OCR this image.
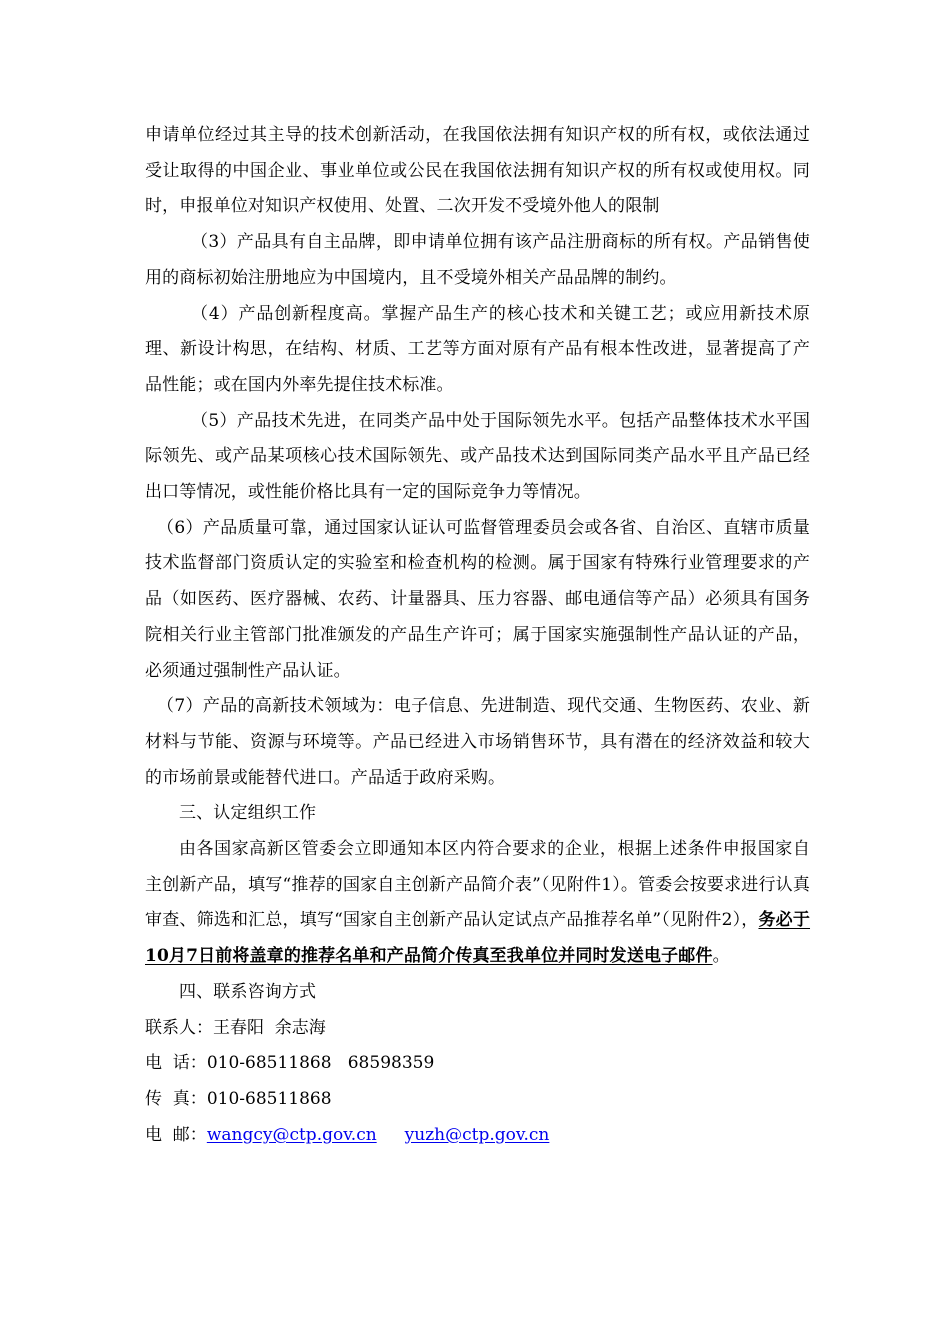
申请单位经过其主导的技术创新活动，在我国依法拥有知识产权的所有权，或依法通过受让取得的中国企业、事业单位或公民在我国依法拥有知识产权的所有权或使用权。同时，申报单位对知识产权使用、处置、二次开发不受境外他人的限制

（3）产品具有自主品牌，即申请单位拥有该产品注册商标的所有权。产品销售使用的商标初始注册地应为中国境内，且不受境外相关产品品牌的制约。

（4）产品创新程度高。掌握产品生产的核心技术和关键工艺；或应用新技术原理、新设计构思，在结构、材质、工艺等方面对原有产品有根本性改进，显著提高了产品性能；或在国内外率先提住技术标准。

（5）产品技术先进，在同类产品中处于国际领先水平。包括产品整体技术水平国际领先、或产品某项核心技术国际领先、或产品技术达到国际同类产品水平且产品已经出口等情况，或性能价格比具有一定的国际竞争力等情况。

（6）产品质量可靠，通过国家认证认可监督管理委员会或各省、自治区、直辖市质量技术监督部门资质认定的实验室和检查机构的检测。属于国家有特殊行业管理要求的产品（如医药、医疗器械、农药、计量器具、压力容器、邮电通信等产品）必须具有国务院相关行业主管部门批准颁发的产品生产许可；属于国家实施强制性产品认证的产品，必须通过强制性产品认证。

（7）产品的高新技术领域为：电子信息、先进制造、现代交通、生物医药、农业、新材料与节能、资源与环境等。产品已经进入市场销售环节，具有潜在的经济效益和较大的市场前景或能替代进口。产品适于政府采购。

三、认定组织工作

由各国家高新区管委会立即通知本区内符合要求的企业，根据上述条件申报国家自主创新产品，填写“推荐的国家自主创新产品简介表”（见附件1）。管委会按要求进行认真审查、筛选和汇总，填写“国家自主创新产品认定试点产品推荐名单”（见附件2），务必于10月7日前将盖章的推荐名单和产品简介传真至我单位并同时发送电子邮件。

四、联系咨询方式

联系人：王春阳  余志海

电  话：010-68511868   68598359

传  真：010-68511868

电  邮：wangcy@ctp.gov.cn yuzh@ctp.gov.cn
